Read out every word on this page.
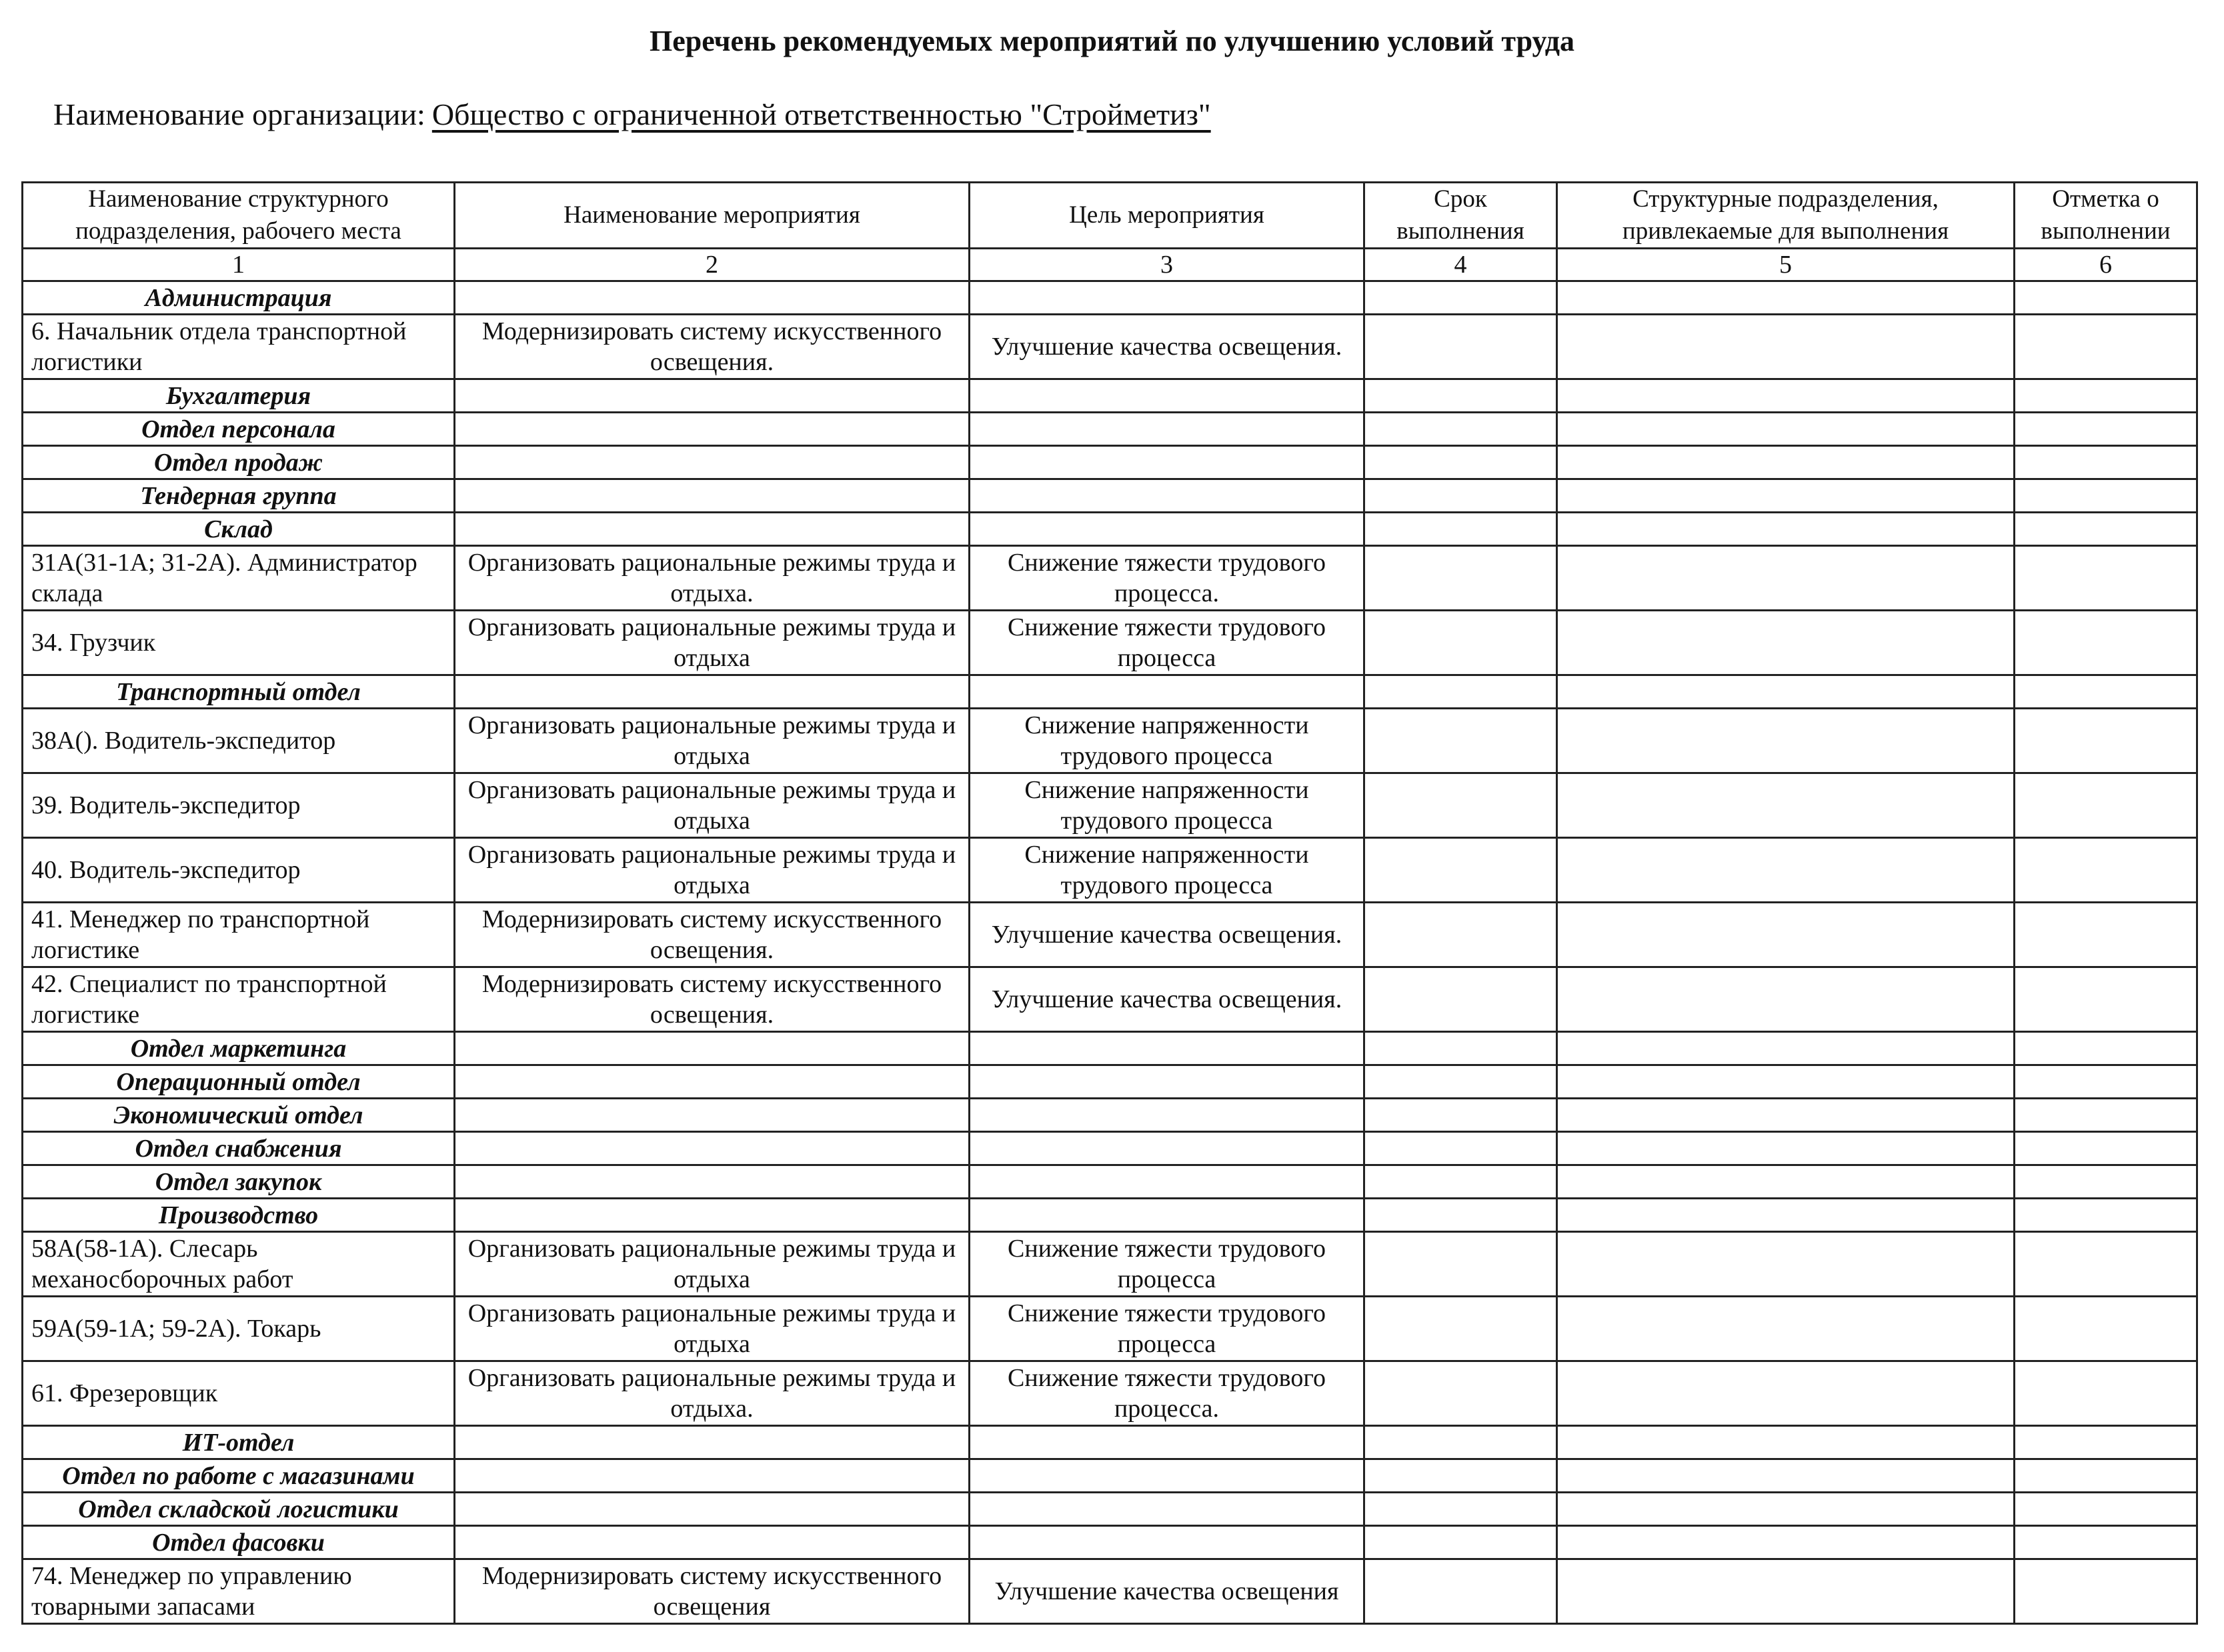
Перечень рекомендуемых мероприятий по улучшению условий труда
Наименование организации: Общество с ограниченной ответственностью "Стройметиз"
Наименование структурного подразделения, рабочего места	Наименование мероприятия	Цель мероприятия	Срок выполнения	Структурные подразделения, привлекаемые для выполнения	Отметка о выполнении
1	2	3	4	5	6
Администрация					
6. Начальник отдела транспортной логистики	Модернизировать систему искусственного освещения.	Улучшение качества освещения.			
Бухгалтерия					
Отдел персонала					
Отдел продаж					
Тендерная группа					
Склад					
31А(31-1А; 31-2А). Администратор склада	Организовать рациональные режимы труда и отдыха.	Снижение тяжести трудового процесса.			
34. Грузчик	Организовать рациональные режимы труда и отдыха	Снижение тяжести трудового процесса			
Транспортный отдел					
38А(). Водитель-экспедитор	Организовать рациональные режимы труда и отдыха	Снижение напряженности трудового процесса			
39. Водитель-экспедитор	Организовать рациональные режимы труда и отдыха	Снижение напряженности трудового процесса			
40. Водитель-экспедитор	Организовать рациональные режимы труда и отдыха	Снижение напряженности трудового процесса			
41. Менеджер по транспортной логистике	Модернизировать систему искусственного освещения.	Улучшение качества освещения.			
42. Специалист по транспортной логистике	Модернизировать систему искусственного освещения.	Улучшение качества освещения.			
Отдел маркетинга					
Операционный отдел					
Экономический отдел					
Отдел снабжения					
Отдел закупок					
Производство					
58А(58-1А). Слесарь механосборочных работ	Организовать рациональные режимы труда и отдыха	Снижение тяжести трудового процесса			
59А(59-1А; 59-2А). Токарь	Организовать рациональные режимы труда и отдыха	Снижение тяжести трудового процесса			
61. Фрезеровщик	Организовать рациональные режимы труда и отдыха.	Снижение тяжести трудового процесса.			
ИТ-отдел					
Отдел по работе с магазинами					
Отдел складской логистики					
Отдел фасовки					
74. Менеджер по управлению товарными запасами	Модернизировать систему искусственного освещения	Улучшение качества освещения			
